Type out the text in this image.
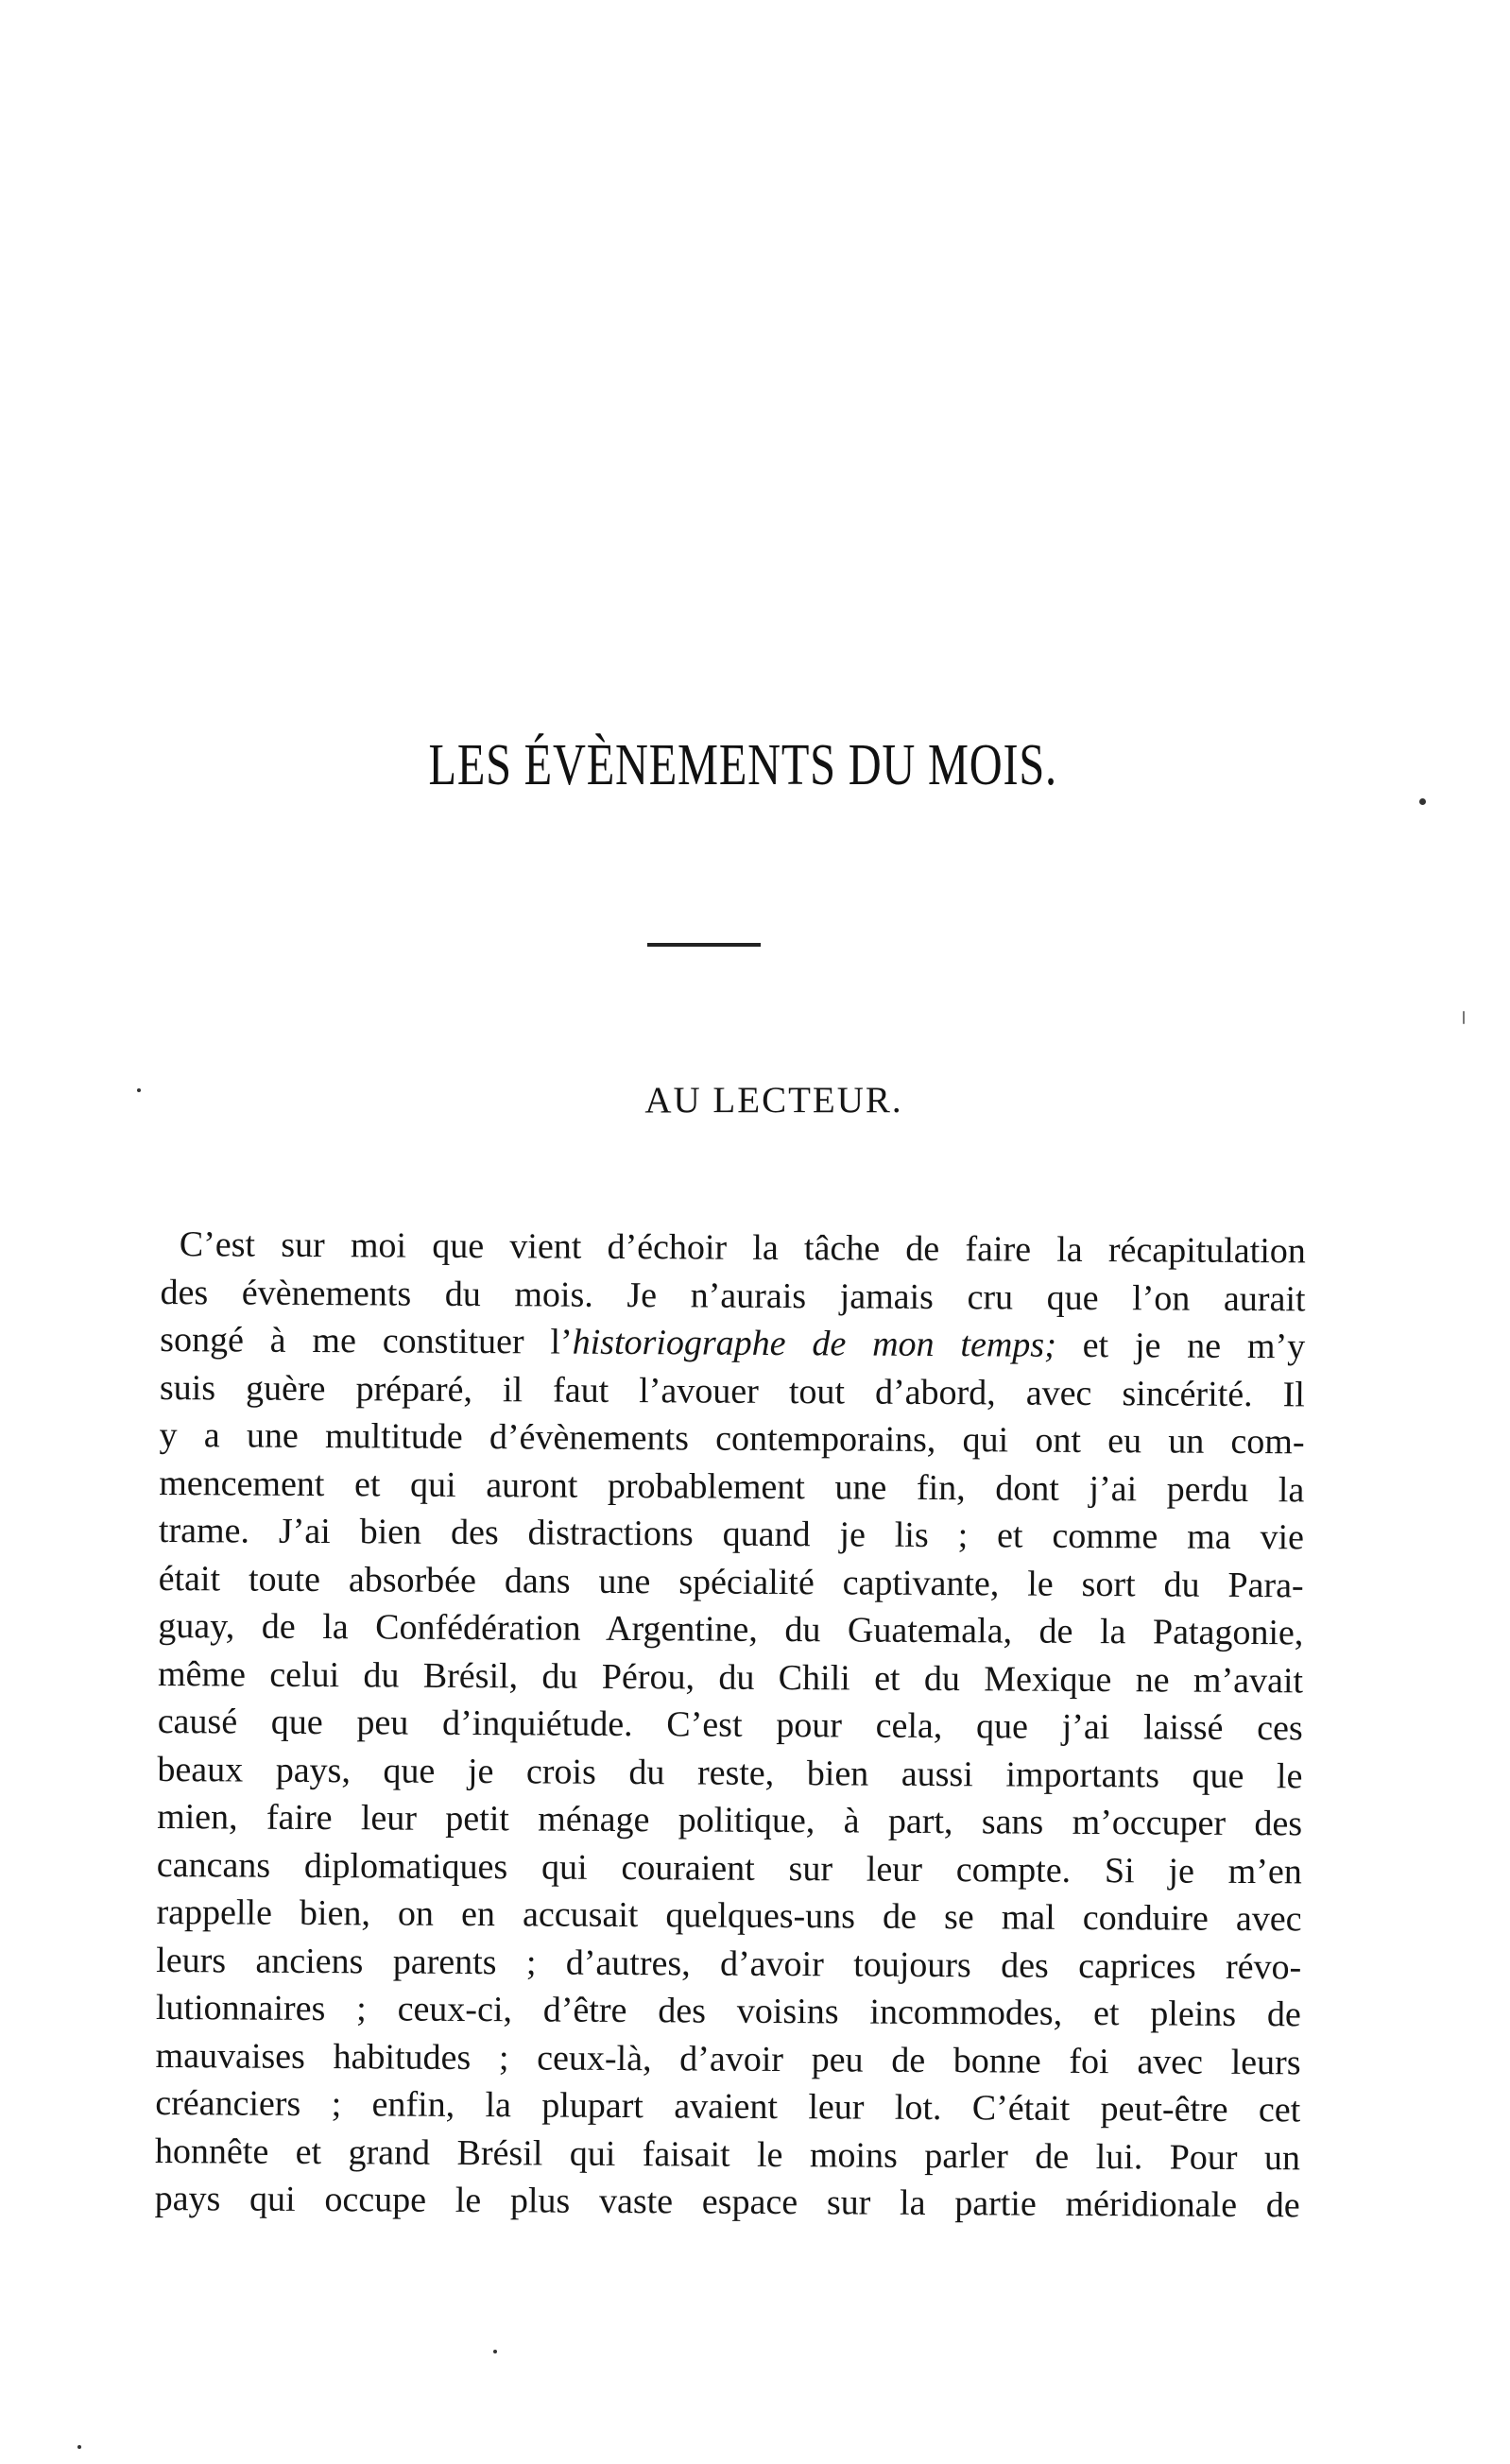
LES ÉVÈNEMENTS DU MOIS.
AU LECTEUR.
C’est sur moi que vient d’échoir la tâche de faire la récapitulation
des évènements du mois. Je n’aurais jamais cru que l’on aurait
songé à me constituer l’historiographe de mon temps; et je ne m’y
suis guère préparé, il faut l’avouer tout d’abord, avec sincérité. Il
y a une multitude d’évènements contemporains, qui ont eu un com-
mencement et qui auront probablement une fin, dont j’ai perdu la
trame. J’ai bien des distractions quand je lis ; et comme ma vie
était toute absorbée dans une spécialité captivante, le sort du Para-
guay, de la Confédération Argentine, du Guatemala, de la Patagonie,
même celui du Brésil, du Pérou, du Chili et du Mexique ne m’avait
causé que peu d’inquiétude. C’est pour cela, que j’ai laissé ces
beaux pays, que je crois du reste, bien aussi importants que le
mien, faire leur petit ménage politique, à part, sans m’occuper des
cancans diplomatiques qui couraient sur leur compte. Si je m’en
rappelle bien, on en accusait quelques-uns de se mal conduire avec
leurs anciens parents ; d’autres, d’avoir toujours des caprices révo-
lutionnaires ; ceux-ci, d’être des voisins incommodes, et pleins de
mauvaises habitudes ; ceux-là, d’avoir peu de bonne foi avec leurs
créanciers ; enfin, la plupart avaient leur lot. C’était peut-être cet
honnête et grand Brésil qui faisait le moins parler de lui. Pour un
pays qui occupe le plus vaste espace sur la partie méridionale de
